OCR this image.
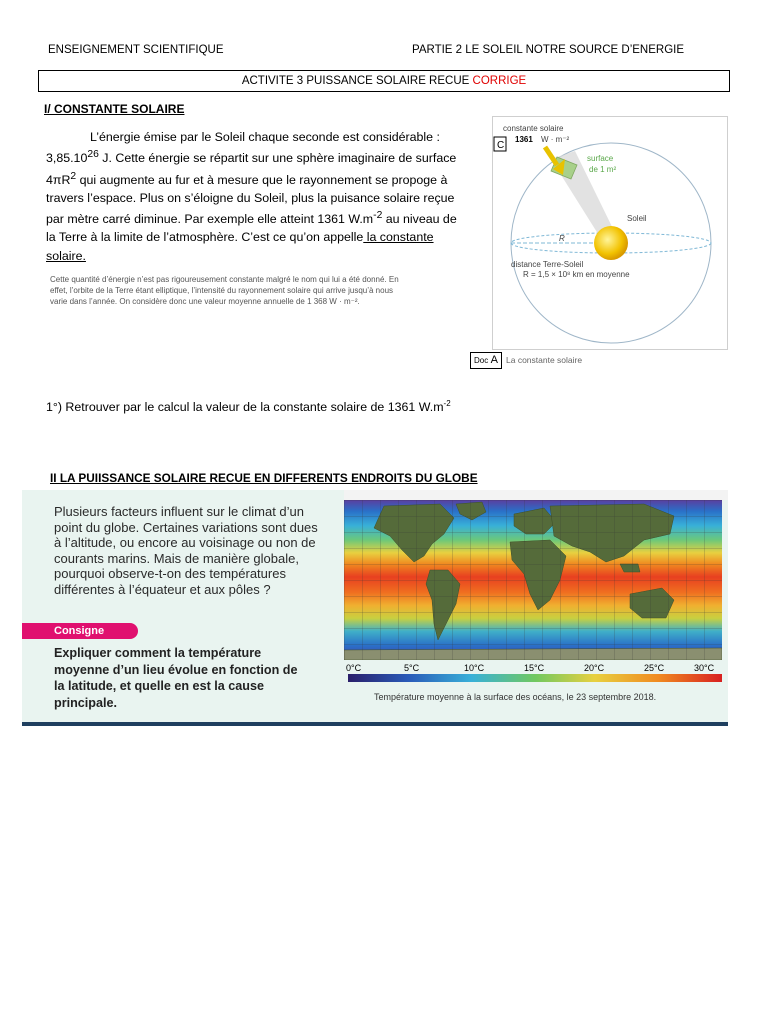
ENSEIGNEMENT SCIENTIFIQUE	PARTIE 2 LE SOLEIL NOTRE SOURCE D’ENERGIE
ACTIVITE 3 PUISSANCE SOLAIRE RECUE CORRIGE
I/ CONSTANTE SOLAIRE
L’énergie émise par le Soleil chaque seconde est considérable : 3,85.10$^{26}$ J. Cette énergie se répartit sur une sphère imaginaire de surface $4\pi R^2$ qui augmente au fur et à mesure que le rayonnement se propoge à travers l’espace. Plus on s’éloigne du Soleil, plus la puisance solaire reçue par mètre carré diminue. Par exemple elle atteint 1361 $W.m^{-2}$ au niveau de la Terre à la limite de l’atmosphère. C’est ce qu’on appelle la constante solaire.
Cette quantité d’énergie n’est pas rigoureusement constante malgré le nom qui lui a été donné. En effet, l’orbite de la Terre étant elliptique, l’intensité du rayonnement solaire qui arrive jusqu’à nous varie dans l’année. On considère donc une valeur moyenne annuelle de 1 368 W · m⁻².
C
constante solaire
1361 W · m⁻²
surface
de 1 m²
Soleil
R
distance Terre-Soleil
R = 1,5 × 10⁸ km en moyenne
Doc A La constante solaire
1°) Retrouver par le calcul la valeur de la constante solaire de 1361 $W.m^{-2}$
II LA PUIISSANCE SOLAIRE RECUE EN DIFFERENTS ENDROITS DU GLOBE
Plusieurs facteurs influent sur le climat d’un point du globe. Certaines variations sont dues à l’altitude, ou encore au voisinage ou non de courants marins. Mais de manière globale, pourquoi observe-t-on des températures différentes à l’équateur et aux pôles ?
Consigne
Expliquer comment la température moyenne d’un lieu évolue en fonction de la latitude, et quelle en est la cause principale.
0°C	5°C	10°C	15°C	20°C	25°C	30°C
Température moyenne à la surface des océans, le 23 septembre 2018.
